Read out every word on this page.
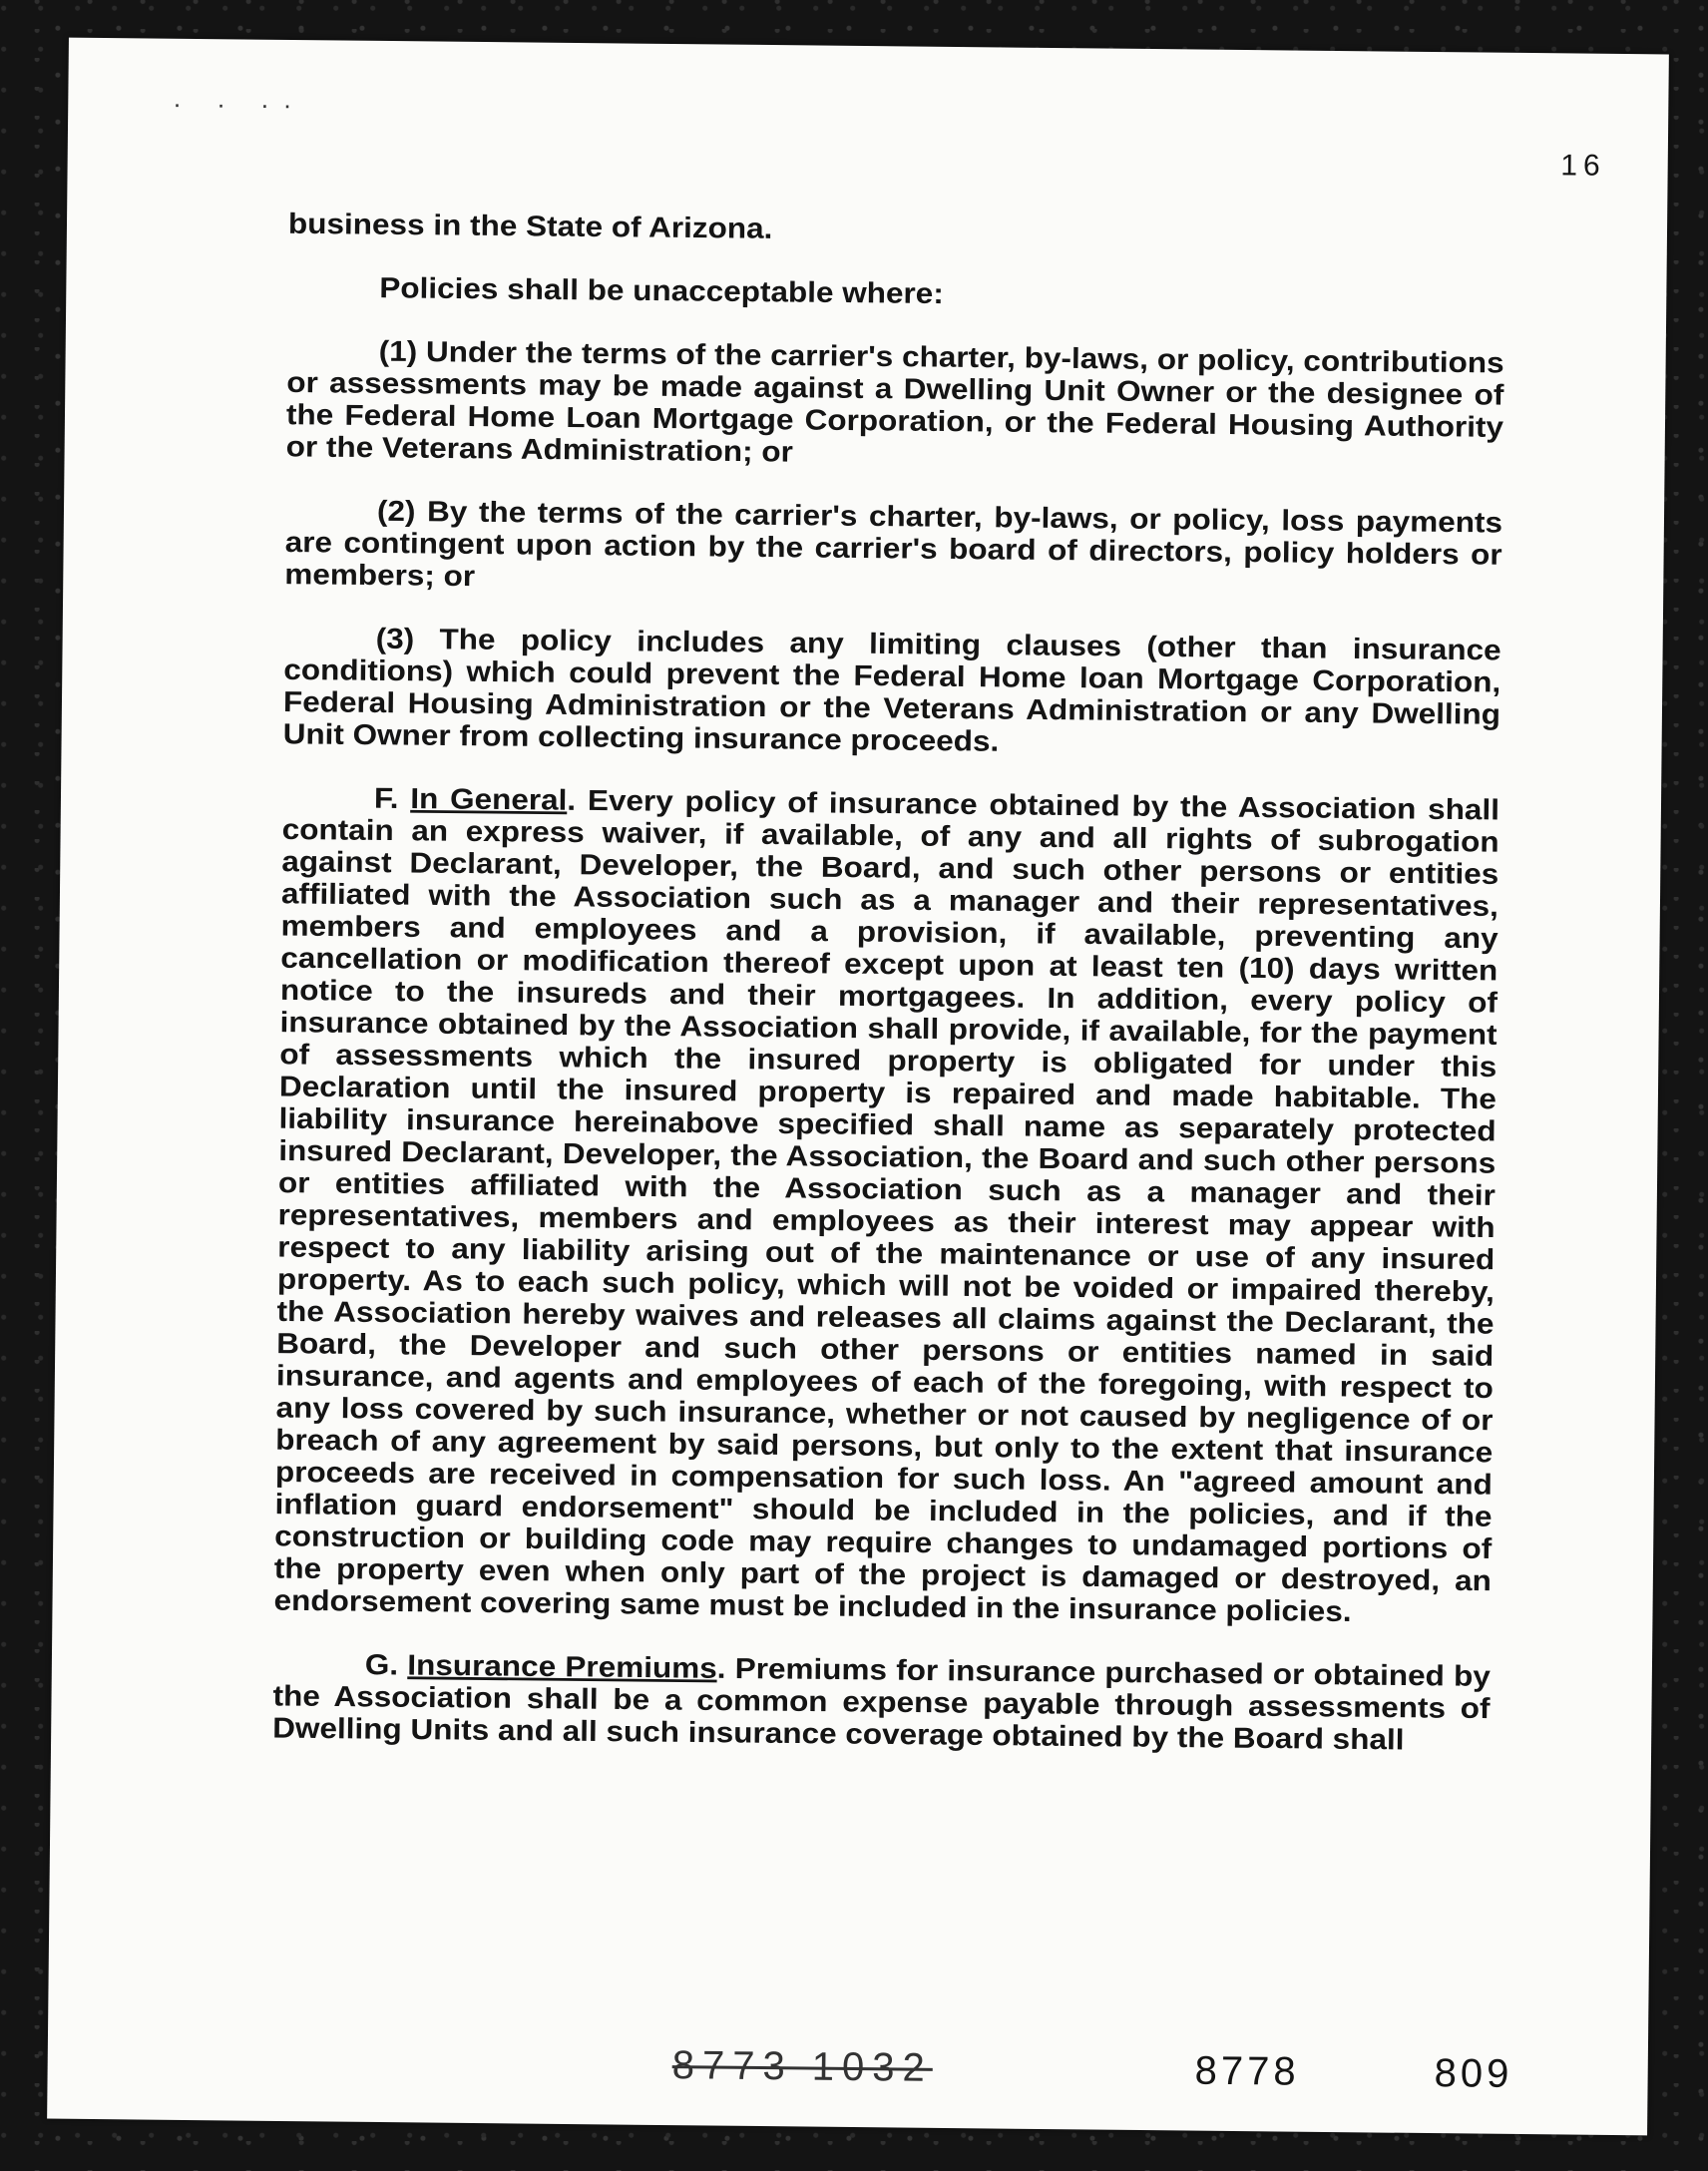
· · ··
16

business in the State of Arizona.

Policies shall be unacceptable where:

(1) Under the terms of the carrier's charter, by-laws, or policy, contributions or assessments may be made against a Dwelling Unit Owner or the designee of the Federal Home Loan Mortgage Corporation, or the Federal Housing Authority or the Veterans Administration; or

(2) By the terms of the carrier's charter, by-laws, or policy, loss payments are contingent upon action by the carrier's board of directors, policy holders or members; or

(3) The policy includes any limiting clauses (other than insurance conditions) which could prevent the Federal Home loan Mortgage Corporation, Federal Housing Administration or the Veterans Administration or any Dwelling Unit Owner from collecting insurance proceeds.

F. In General. Every policy of insurance obtained by the Association shall contain an express waiver, if available, of any and all rights of subrogation against Declarant, Developer, the Board, and such other persons or entities affiliated with the Association such as a manager and their representatives, members and employees and a provision, if available, preventing any cancellation or modification thereof except upon at least ten (10) days written notice to the insureds and their mortgagees. In addition, every policy of insurance obtained by the Association shall provide, if available, for the payment of assessments which the insured property is obligated for under this Declaration until the insured property is repaired and made habitable. The liability insurance hereinabove specified shall name as separately protected insured Declarant, Developer, the Association, the Board and such other persons or entities affiliated with the Association such as a manager and their representatives, members and employees as their interest may appear with respect to any liability arising out of the maintenance or use of any insured property. As to each such policy, which will not be voided or impaired thereby, the Association hereby waives and releases all claims against the Declarant, the Board, the Developer and such other persons or entities named in said insurance, and agents and employees of each of the foregoing, with respect to any loss covered by such insurance, whether or not caused by negligence of or breach of any agreement by said persons, but only to the extent that insurance proceeds are received in compensation for such loss. An "agreed amount and inflation guard endorsement" should be included in the policies, and if the construction or building code may require changes to undamaged portions of the property even when only part of the project is damaged or destroyed, an endorsement covering same must be included in the insurance policies.

G. Insurance Premiums. Premiums for insurance purchased or obtained by the Association shall be a common expense payable through assessments of Dwelling Units and all such insurance coverage obtained by the Board shall

8773 1032	8778	809
